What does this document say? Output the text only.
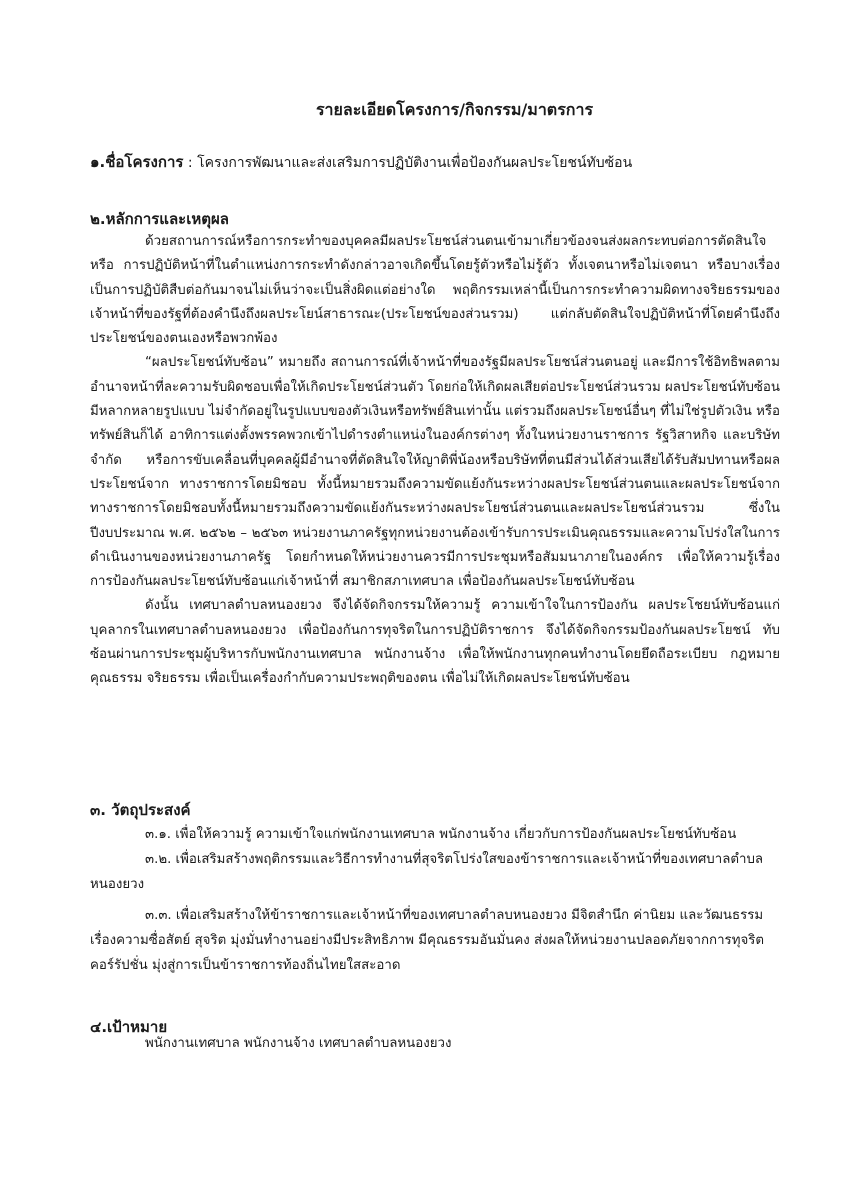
รายละเอียดโครงการ/กิจกรรม/มาตรการ
๑.ชื่อโครงการ : โครงการพัฒนาและส่งเสริมการปฏิบัติงานเพื่อป้องกันผลประโยชน์ทับซ้อน
๒.หลักการและเหตุผล

ด้วยสถานการณ์หรือการกระทำของบุคคลมีผลประโยชน์ส่วนตนเข้ามาเกี่ยวข้องจนส่งผลกระทบต่อการตัดสินใจหรือ การปฏิบัติหน้าที่ในตำแหน่งการกระทำดังกล่าวอาจเกิดขึ้นโดยรู้ตัวหรือไม่รู้ตัว ทั้งเจตนาหรือไม่เจตนา หรือบางเรื่องเป็นการปฏิบัติสืบต่อกันมาจนไม่เห็นว่าจะเป็นสิ่งผิดแต่อย่างใด พฤติกรรมเหล่านี้เป็นการกระทำความผิดทางจริยธรรมของ เจ้าหน้าที่ของรัฐที่ต้องคำนึงถึงผลประโยน์สาธารณะ(ประโยชน์ของส่วนรวม) แต่กลับตัดสินใจปฏิบัติหน้าที่โดยคำนึงถึง ประโยชน์ของตนเองหรือพวกพ้อง

“ผลประโยชน์ทับซ้อน” หมายถึง สถานการณ์ที่เจ้าหน้าที่ของรัฐมีผลประโยชน์ส่วนตนอยู่ และมีการใช้อิทธิพลตาม อำนาจหน้าที่ละความรับผิดชอบเพื่อให้เกิดประโยชน์ส่วนตัว โดยก่อให้เกิดผลเสียต่อประโยชน์ส่วนรวม ผลประโยชน์ทับซ้อนมีหลากหลายรูปแบบ ไม่จำกัดอยู่ในรูปแบบของตัวเงินหรือทรัพย์สินเท่านั้น แต่รวมถึงผลประโยชน์อื่นๆ ที่ไม่ใช่รูปตัวเงิน หรือทรัพย์สินก็ได้ อาทิการแต่งตั้งพรรคพวกเข้าไปดำรงตำแหน่งในองค์กรต่างๆ ทั้งในหน่วยงานราชการ รัฐวิสาหกิจ และบริษัท จำกัด หรือการขับเคลื่อนที่บุคคลผู้มีอำนาจที่ตัดสินใจให้ญาติพี่น้องหรือบริษัทที่ตนมีส่วนได้ส่วนเสียได้รับสัมปทานหรือผลประโยชน์จาก ทางราชการโดยมิชอบ ทั้งนี้หมายรวมถึงความขัดแย้งกันระหว่างผลประโยชน์ส่วนตนและผลประโยชน์จากทางราชการโดยมิชอบทั้งนี้หมายรวมถึงความขัดแย้งกันระหว่างผลประโยชน์ส่วนตนและผลประโยชน์ส่วนรวม ซึ่งในปีงบประมาณ พ.ศ. ๒๕๖๒ – ๒๕๖๓ หน่วยงานภาครัฐทุกหน่วยงานต้องเข้ารับการประเมินคุณธรรมและความโปร่งใสในการ ดำเนินงานของหน่วยงานภาครัฐ โดยกำหนดให้หน่วยงานควรมีการประชุมหรือสัมมนาภายในองค์กร เพื่อให้ความรู้เรื่องการป้องกันผลประโยชน์ทับซ้อนแก่เจ้าหน้าที่ สมาชิกสภาเทศบาล เพื่อป้องกันผลประโยชน์ทับซ้อน

ดังนั้น เทศบาลตำบลหนองยวง จึงได้จัดกิจกรรมให้ความรู้ ความเข้าใจในการป้องกัน ผลประโชยน์ทับซ้อนแก่บุคลากรในเทศบาลตำบลหนองยวง เพื่อป้องกันการทุจริตในการปฏิบัติราชการ จึงได้จัดกิจกรรมป้องกันผลประโยชน์ ทับซ้อนผ่านการประชุมผู้บริหารกับพนักงานเทศบาล พนักงานจ้าง เพื่อให้พนักงานทุกคนทำงานโดยยึดถือระเบียบ กฎหมาย คุณธรรม จริยธรรม เพื่อเป็นเครื่องกำกับความประพฤติของตน เพื่อไม่ให้เกิดผลประโยชน์ทับซ้อน

๓. วัตถุประสงค์

๓.๑. เพื่อให้ความรู้ ความเข้าใจแก่พนักงานเทศบาล พนักงานจ้าง เกี่ยวกับการป้องกันผลประโยชน์ทับซ้อน

๓.๒. เพื่อเสริมสร้างพฤติกรรมและวิธีการทำงานที่สุจริตโปร่งใสของข้าราชการและเจ้าหน้าที่ของเทศบาลตำบลหนองยวง

๓.๓. เพื่อเสริมสร้างให้ข้าราชการและเจ้าหน้าที่ของเทศบาลตำลบหนองยวง มีจิตสำนึก ค่านิยม และวัฒนธรรม เรื่องความซื่อสัตย์ สุจริต มุ่งมั่นทำงานอย่างมีประสิทธิภาพ มีคุณธรรมอันมั่นคง ส่งผลให้หน่วยงานปลอดภัยจากการทุจริตคอร์รัปชั่น มุ่งสู่การเป็นข้าราชการท้องถิ่นไทยใสสะอาด

๔.เป้าหมาย
พนักงานเทศบาล พนักงานจ้าง เทศบาลตำบลหนองยวง
